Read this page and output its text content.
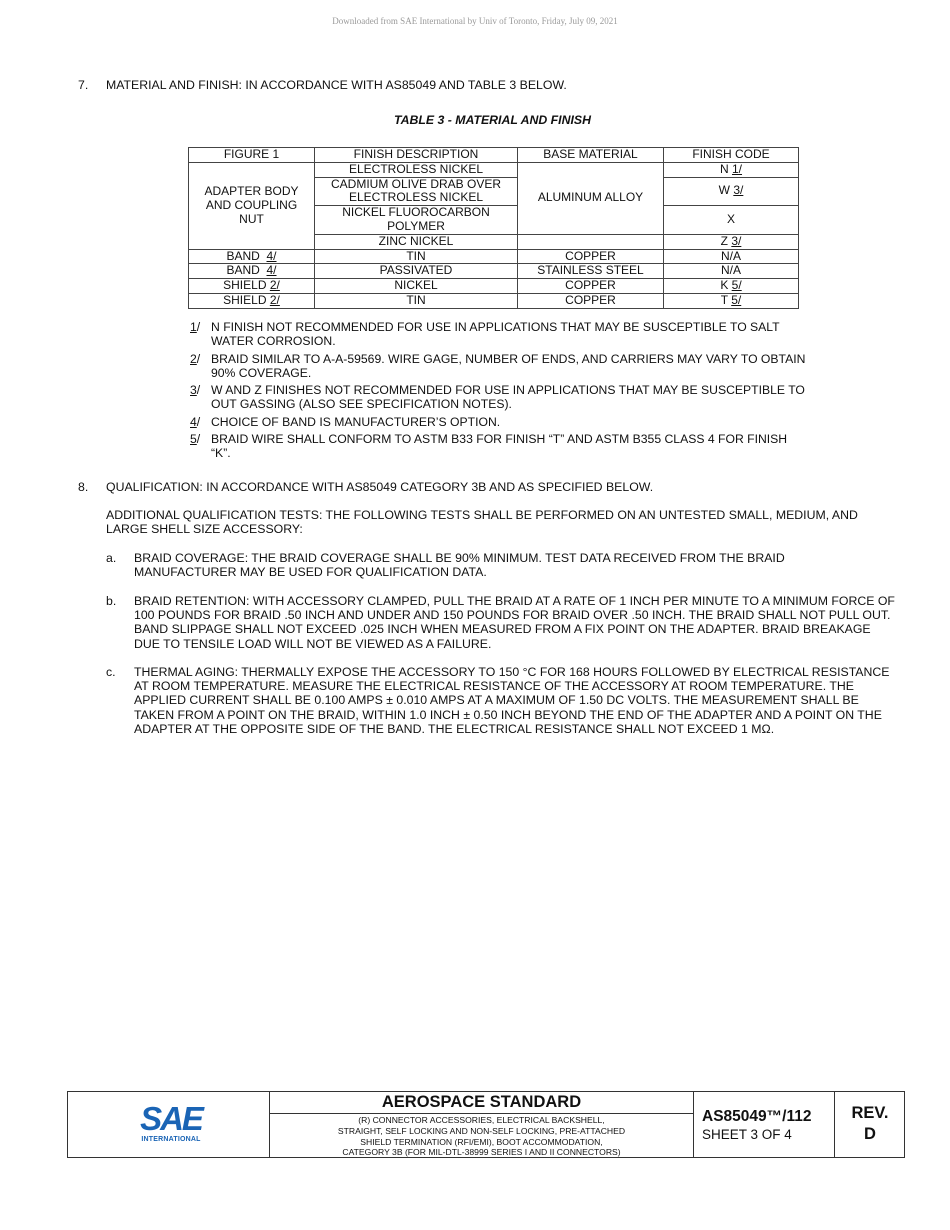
Downloaded from SAE International by Univ of Toronto, Friday, July 09, 2021
7. MATERIAL AND FINISH: IN ACCORDANCE WITH AS85049 AND TABLE 3 BELOW.
TABLE 3 - MATERIAL AND FINISH
FIGURE 1	FINISH DESCRIPTION	BASE MATERIAL	FINISH CODE
ADAPTER BODY AND COUPLING NUT	ELECTROLESS NICKEL	ALUMINUM ALLOY	N 1/
	CADMIUM OLIVE DRAB OVER ELECTROLESS NICKEL		W 3/
	NICKEL FLUOROCARBON POLYMER		X
	ZINC NICKEL		Z 3/
BAND 4/	TIN	COPPER	N/A
BAND 4/	PASSIVATED	STAINLESS STEEL	N/A
SHIELD 2/	NICKEL	COPPER	K 5/
SHIELD 2/	TIN	COPPER	T 5/
1/ N FINISH NOT RECOMMENDED FOR USE IN APPLICATIONS THAT MAY BE SUSCEPTIBLE TO SALT WATER CORROSION.
2/ BRAID SIMILAR TO A-A-59569. WIRE GAGE, NUMBER OF ENDS, AND CARRIERS MAY VARY TO OBTAIN 90% COVERAGE.
3/ W AND Z FINISHES NOT RECOMMENDED FOR USE IN APPLICATIONS THAT MAY BE SUSCEPTIBLE TO OUT GASSING (ALSO SEE SPECIFICATION NOTES).
4/ CHOICE OF BAND IS MANUFACTURER’S OPTION.
5/ BRAID WIRE SHALL CONFORM TO ASTM B33 FOR FINISH “T” AND ASTM B355 CLASS 4 FOR FINISH “K”.
8. QUALIFICATION: IN ACCORDANCE WITH AS85049 CATEGORY 3B AND AS SPECIFIED BELOW.
ADDITIONAL QUALIFICATION TESTS: THE FOLLOWING TESTS SHALL BE PERFORMED ON AN UNTESTED SMALL, MEDIUM, AND LARGE SHELL SIZE ACCESSORY:
a. BRAID COVERAGE: THE BRAID COVERAGE SHALL BE 90% MINIMUM. TEST DATA RECEIVED FROM THE BRAID MANUFACTURER MAY BE USED FOR QUALIFICATION DATA.
b. BRAID RETENTION: WITH ACCESSORY CLAMPED, PULL THE BRAID AT A RATE OF 1 INCH PER MINUTE TO A MINIMUM FORCE OF 100 POUNDS FOR BRAID .50 INCH AND UNDER AND 150 POUNDS FOR BRAID OVER .50 INCH. THE BRAID SHALL NOT PULL OUT. BAND SLIPPAGE SHALL NOT EXCEED .025 INCH WHEN MEASURED FROM A FIX POINT ON THE ADAPTER. BRAID BREAKAGE DUE TO TENSILE LOAD WILL NOT BE VIEWED AS A FAILURE.
c. THERMAL AGING: THERMALLY EXPOSE THE ACCESSORY TO 150 °C FOR 168 HOURS FOLLOWED BY ELECTRICAL RESISTANCE AT ROOM TEMPERATURE. MEASURE THE ELECTRICAL RESISTANCE OF THE ACCESSORY AT ROOM TEMPERATURE. THE APPLIED CURRENT SHALL BE 0.100 AMPS ± 0.010 AMPS AT A MAXIMUM OF 1.50 DC VOLTS. THE MEASUREMENT SHALL BE TAKEN FROM A POINT ON THE BRAID, WITHIN 1.0 INCH ± 0.50 INCH BEYOND THE END OF THE ADAPTER AND A POINT ON THE ADAPTER AT THE OPPOSITE SIDE OF THE BAND. THE ELECTRICAL RESISTANCE SHALL NOT EXCEED 1 MΩ.
SAE
INTERNATIONAL
AEROSPACE STANDARD
(R) CONNECTOR ACCESSORIES, ELECTRICAL BACKSHELL,
STRAIGHT, SELF LOCKING AND NON-SELF LOCKING, PRE-ATTACHED
SHIELD TERMINATION (RFI/EMI), BOOT ACCOMMODATION,
CATEGORY 3B (FOR MIL-DTL-38999 SERIES I AND II CONNECTORS)
AS85049™/112
SHEET 3 OF 4
REV.
D
